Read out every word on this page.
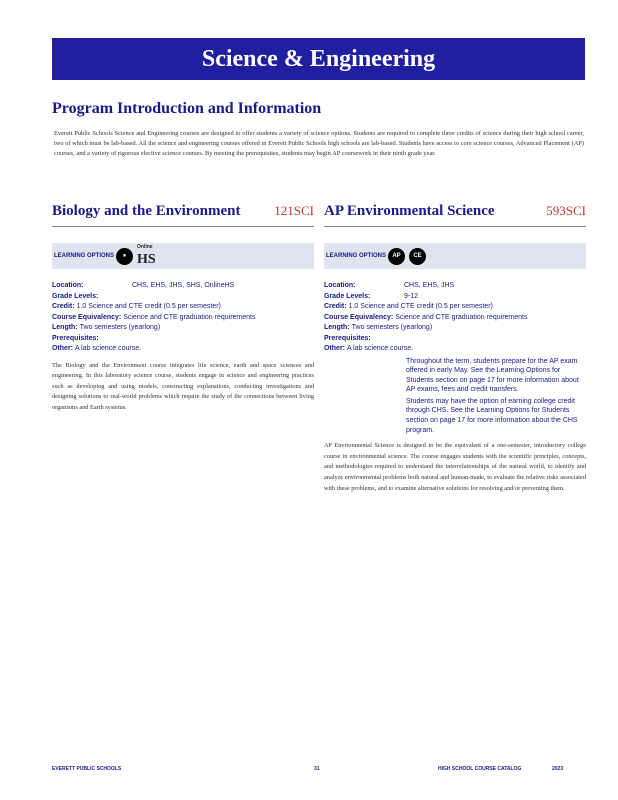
Science & Engineering
Program Introduction and Information
Everett Public Schools Science and Engineering courses are designed to offer students a variety of science options. Students are required to complete three credits of science during their high school career, two of which must be lab-based. All the science and engineering courses offered in Everett Public Schools high schools are lab-based. Students have access to core science courses, Advanced Placement (AP) courses, and a variety of rigorous elective science courses. By meeting the prerequisites, students may begin AP coursework in their ninth grade year.
Biology and the Environment	121SCI
LEARNING OPTIONS	●
Online
HS
Location:	CHS, EHS, JHS, SHS, OnlineHS
Grade Levels:
Credit:
1.0 Science and CTE credit (0.5 per semester)
Course Equivalency:
Science and CTE graduation requirements
Length:
Two semesters (yearlong)
Prerequisites:
Other:
A lab science course.
The Biology and the Environment course integrates life science, earth and space sciences and engineering. In this laboratory science course, students engage in science and engineering practices such as developing and using models, constructing explanations, conducting investigations and designing solutions to real-world problems which require the study of the connections between living organisms and Earth systems.
AP Environmental Science	593SCI
LEARNING OPTIONS	AP	CE
Location:	CHS, EHS, JHS
Grade Levels:	9-12
Credit:
1.0 Science and CTE credit (0.5 per semester)
Course Equivalency:
Science and CTE graduation requirements
Length:
Two semesters (yearlong)
Prerequisites:
Other:
A lab science course.
Throughout the term, students prepare for the AP exam offered in early May. See the Learning Options for Students section on page 17 for more information about AP exams, fees and credit transfers.
Students may have the option of earning college credit through CHS. See the Learning Options for Students section on page 17 for more information about the CHS program.
AP Environmental Science is designed to be the equivalent of a one-semester, introductory college course in environmental science. The course engages students with the scientific principles, concepts, and methodologies required to understand the interrelationships of the natural world, to identify and analyze environmental problems both natural and human-made, to evaluate the relative risks associated with these problems, and to examine alternative solutions for resolving and/or preventing them.
EVERETT PUBLIC SCHOOLS	31	HIGH SCHOOL COURSE CATALOG	2023
